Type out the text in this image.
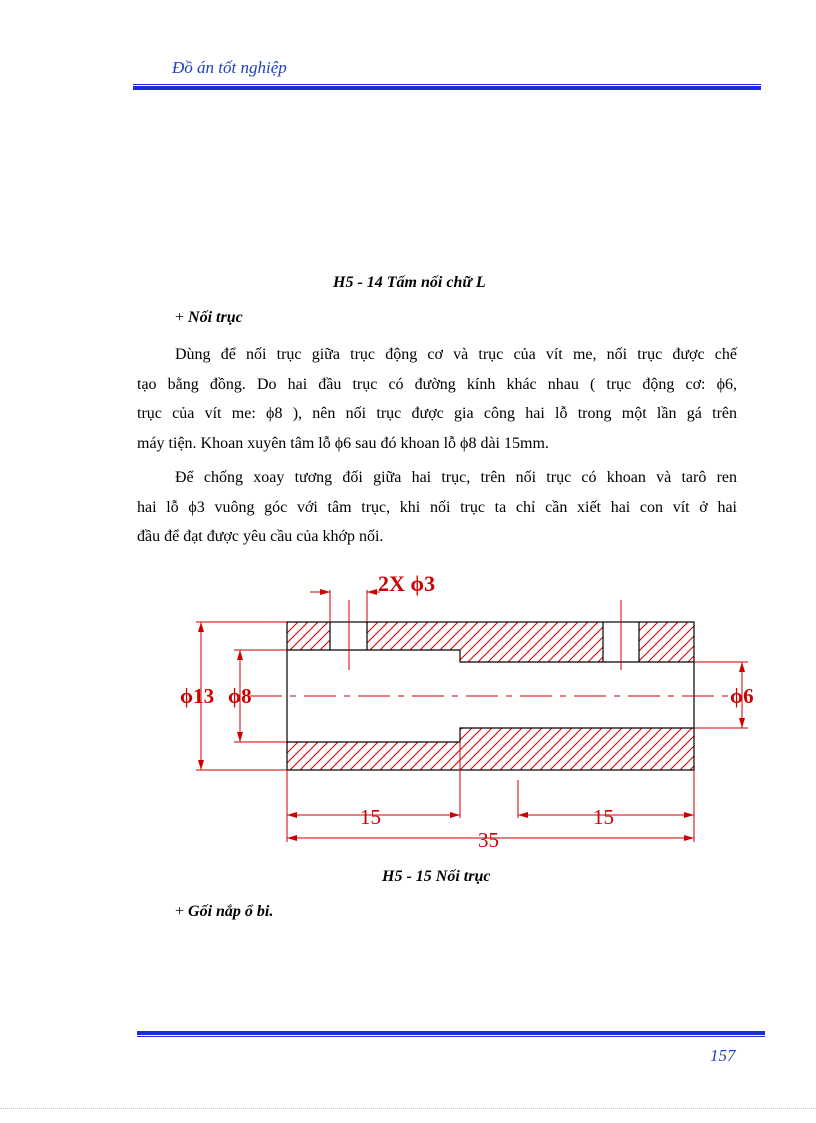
Đồ án tốt nghiệp
H5 - 14 Tấm nối chữ L
+ Nối trục
Dùng để nối trục giữa trục động cơ và trục của vít me, nối trục được chế
tạo bằng đồng. Do hai đầu trục có đường kính khác nhau ( trục động cơ: ϕ6,
trục của vít me: ϕ8 ), nên nối trục được gia công hai lỗ trong một lần gá trên
máy tiện. Khoan xuyên tâm lỗ ϕ6 sau đó khoan lỗ ϕ8 dài 15mm.
Để chống xoay tương đối giữa hai trục, trên nối trục có khoan và tarô ren
hai lỗ ϕ3 vuông góc với tâm trục, khi nối trục ta chỉ cần xiết hai con vít ở hai
đầu để đạt được yêu cầu của khớp nối.
2X ϕ3
ϕ13 ϕ8	ϕ6
15	15
35
H5 - 15 Nối trục
+ Gối nắp ổ bi.
157
